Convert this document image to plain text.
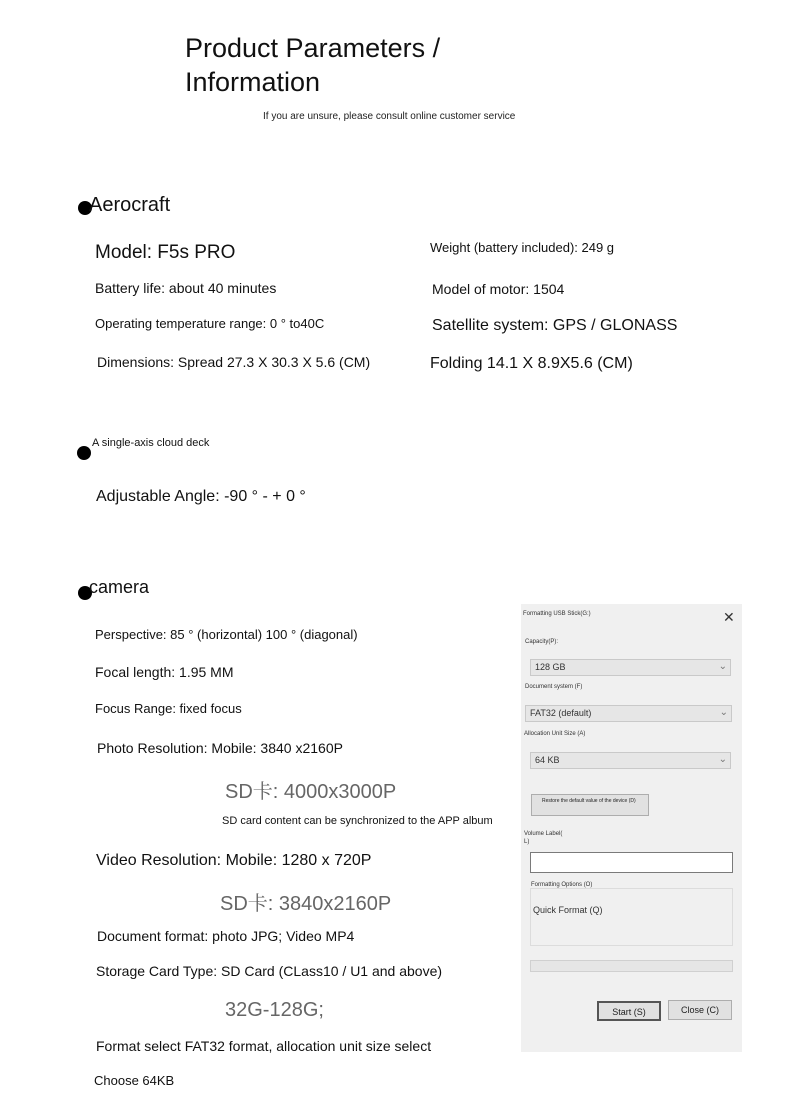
Product Parameters / Information
If you are unsure, please consult online customer service
Aerocraft
Model: F5s PRO	Weight (battery included): 249 g
Battery life: about 40 minutes	Model of motor: 1504
Operating temperature range: 0 ° to40C	Satellite system: GPS / GLONASS
Dimensions: Spread 27.3 X 30.3 X 5.6 (CM)	Folding 14.1 X 8.9X5.6 (CM)
A single-axis cloud deck
Adjustable Angle: -90 ° - + 0 °
camera
Perspective: 85 ° (horizontal) 100 ° (diagonal)
Focal length: 1.95 MM
Focus Range: fixed focus
Photo Resolution: Mobile: 3840 x2160P
SD卡: 4000x3000P
SD card content can be synchronized to the APP album
Video Resolution: Mobile: 1280 x 720P
SD卡: 3840x2160P
Document format: photo JPG; Video MP4
Storage Card Type: SD Card (CLass10 / U1 and above)
32G-128G;
Format select FAT32 format, allocation unit size select
Choose 64KB
Formatting USB Stick(G:)	✕
Capacity(P):
128 GB	⌄
Document system (F)
FAT32 (default)	⌄
Allocation Unit Size (A)
64 KB	⌄
Restore the default value of the device (D)
Volume Label(
L)
Formatting Options (O)
Quick Format (Q)
Start (S)	Close (C)
